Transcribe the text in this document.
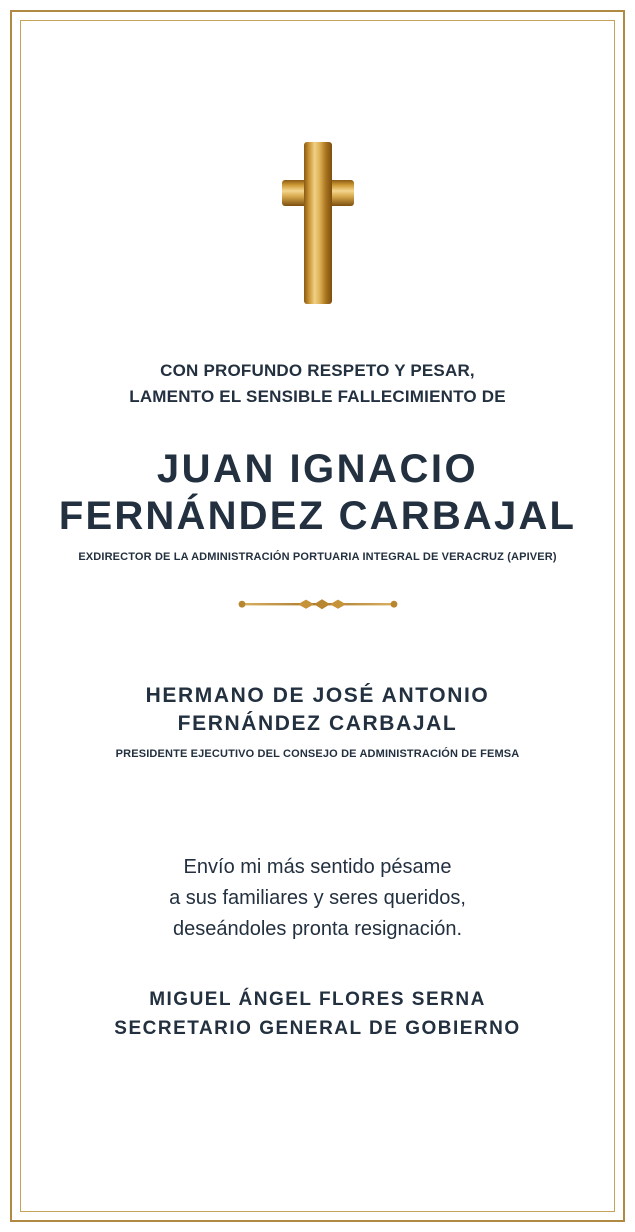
CON PROFUNDO RESPETO Y PESAR,
LAMENTO EL SENSIBLE FALLECIMIENTO DE
JUAN IGNACIO
FERNÁNDEZ CARBAJAL
EXDIRECTOR DE LA ADMINISTRACIÓN PORTUARIA INTEGRAL DE VERACRUZ (APIVER)
HERMANO DE JOSÉ ANTONIO
FERNÁNDEZ CARBAJAL
PRESIDENTE EJECUTIVO DEL CONSEJO DE ADMINISTRACIÓN DE FEMSA
Envío mi más sentido pésame
a sus familiares y seres queridos,
deseándoles pronta resignación.
MIGUEL ÁNGEL FLORES SERNA
SECRETARIO GENERAL DE GOBIERNO
